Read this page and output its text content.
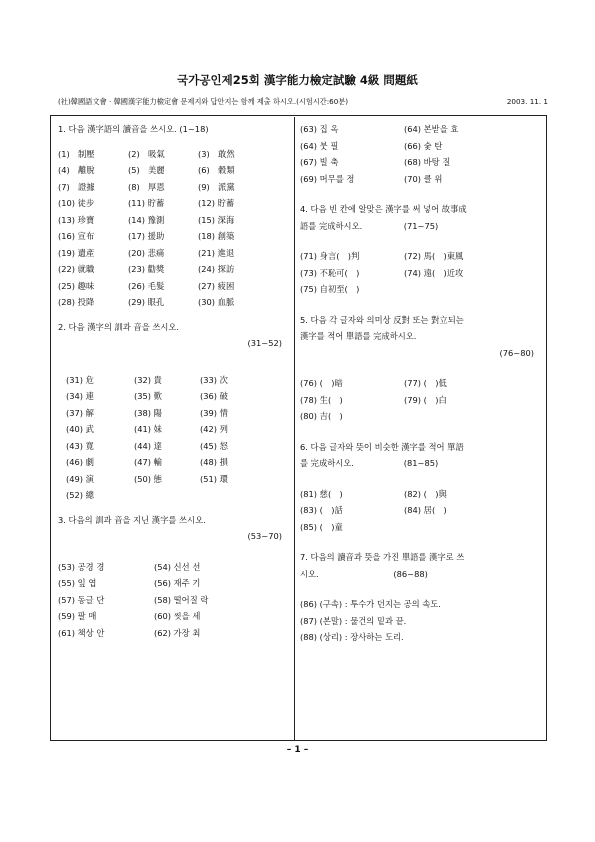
국가공인제25회 漢字能力檢定試驗 4級 問題紙
(社)韓國語文會 · 韓國漢字能力檢定會 문제지와 답안지는 함께 제출 하시오.(시험시간:60분)	2003. 11. 1

1. 다음 漢字語의 讀音을 쓰시오. (1~18)

(1)　制壓	(2)　吸氣	(3)　敢然
(4)　離脫	(5)　美麗	(6)　穀類
(7)　證據	(8)　厚恩	(9)　派黨
(10) 徒步	(11) 貯蓄	(12) 貯蓄
(13) 珍寶	(14) 豫測	(15) 深海
(16) 宣布	(17) 援助	(18) 創築
(19) 遺產	(20) 悲痛	(21) 進退
(22) 就職	(23) 勸獎	(24) 探訪
(25) 趣味	(26) 毛髮	(27) 疲困
(28) 投降	(29) 眼孔	(30) 血脈

2. 다음 漢字의 訓과 音을 쓰시오.

(31~52)

(31) 危	(32) 貴	(33) 次
(34) 連	(35) 歎	(36) 破
(37) 解	(38) 陽	(39) 情
(40) 武	(41) 妹	(42) 列
(43) 寬	(44) 達	(45) 怒
(46) 劇	(47) 輸	(48) 損
(49) 演	(50) 態	(51) 環
(52) 總

3. 다음의 訓과 音을 지닌 漢字를 쓰시오.

(53~70)

(53) 공경 경	(54) 신선 선
(55) 잎 엽	(56) 재주 기
(57) 동글 단	(58) 떨어질 락
(59) 팔 매	(60) 씻을 세
(61) 책상 안	(62) 가장 최
(63) 집 옥	(64) 본받을 효
(64) 붓 필	(66) 숯 탄
(67) 빌 축	(68) 바탕 질
(69) 머무를 정	(70) 클 위

4. 다음 빈 칸에 알맞은 漢字를 써 넣어 故事成

語를 完成하시오.　　　　　	(71~75)

(71) 身言(　)判	(72) 馬(　)東風
(73) 不恥可(　)	(74) 遠(　)近攻
(75) 自初至(　)

5. 다음 각 글자와 의미상 反對 또는 對立되는

漢字를 적어 單語를 完成하시오.

(76~80)

(76) (　)暗	(77) (　)低
(78) 生(　)	(79) (　)白
(80) 吉(　)

6. 다음 글자와 뜻이 비슷한 漢字를 적어 單語

를 完成하시오.　　　　　　	(81~85)

(81) 慈(　)	(82) (　)與
(83) (　)話	(84) 居(　)
(85) (　)童

7. 다음의 讀音과 뜻을 가진 單語를 漢字로 쓰

시오.　　　　　　　　　	(86~88)

(86) (구속) : 투수가 던지는 공의 속도.

(87) (본말) : 물건의 밑과 끝.

(88) (상리) : 장사하는 도리.

– 1 –
